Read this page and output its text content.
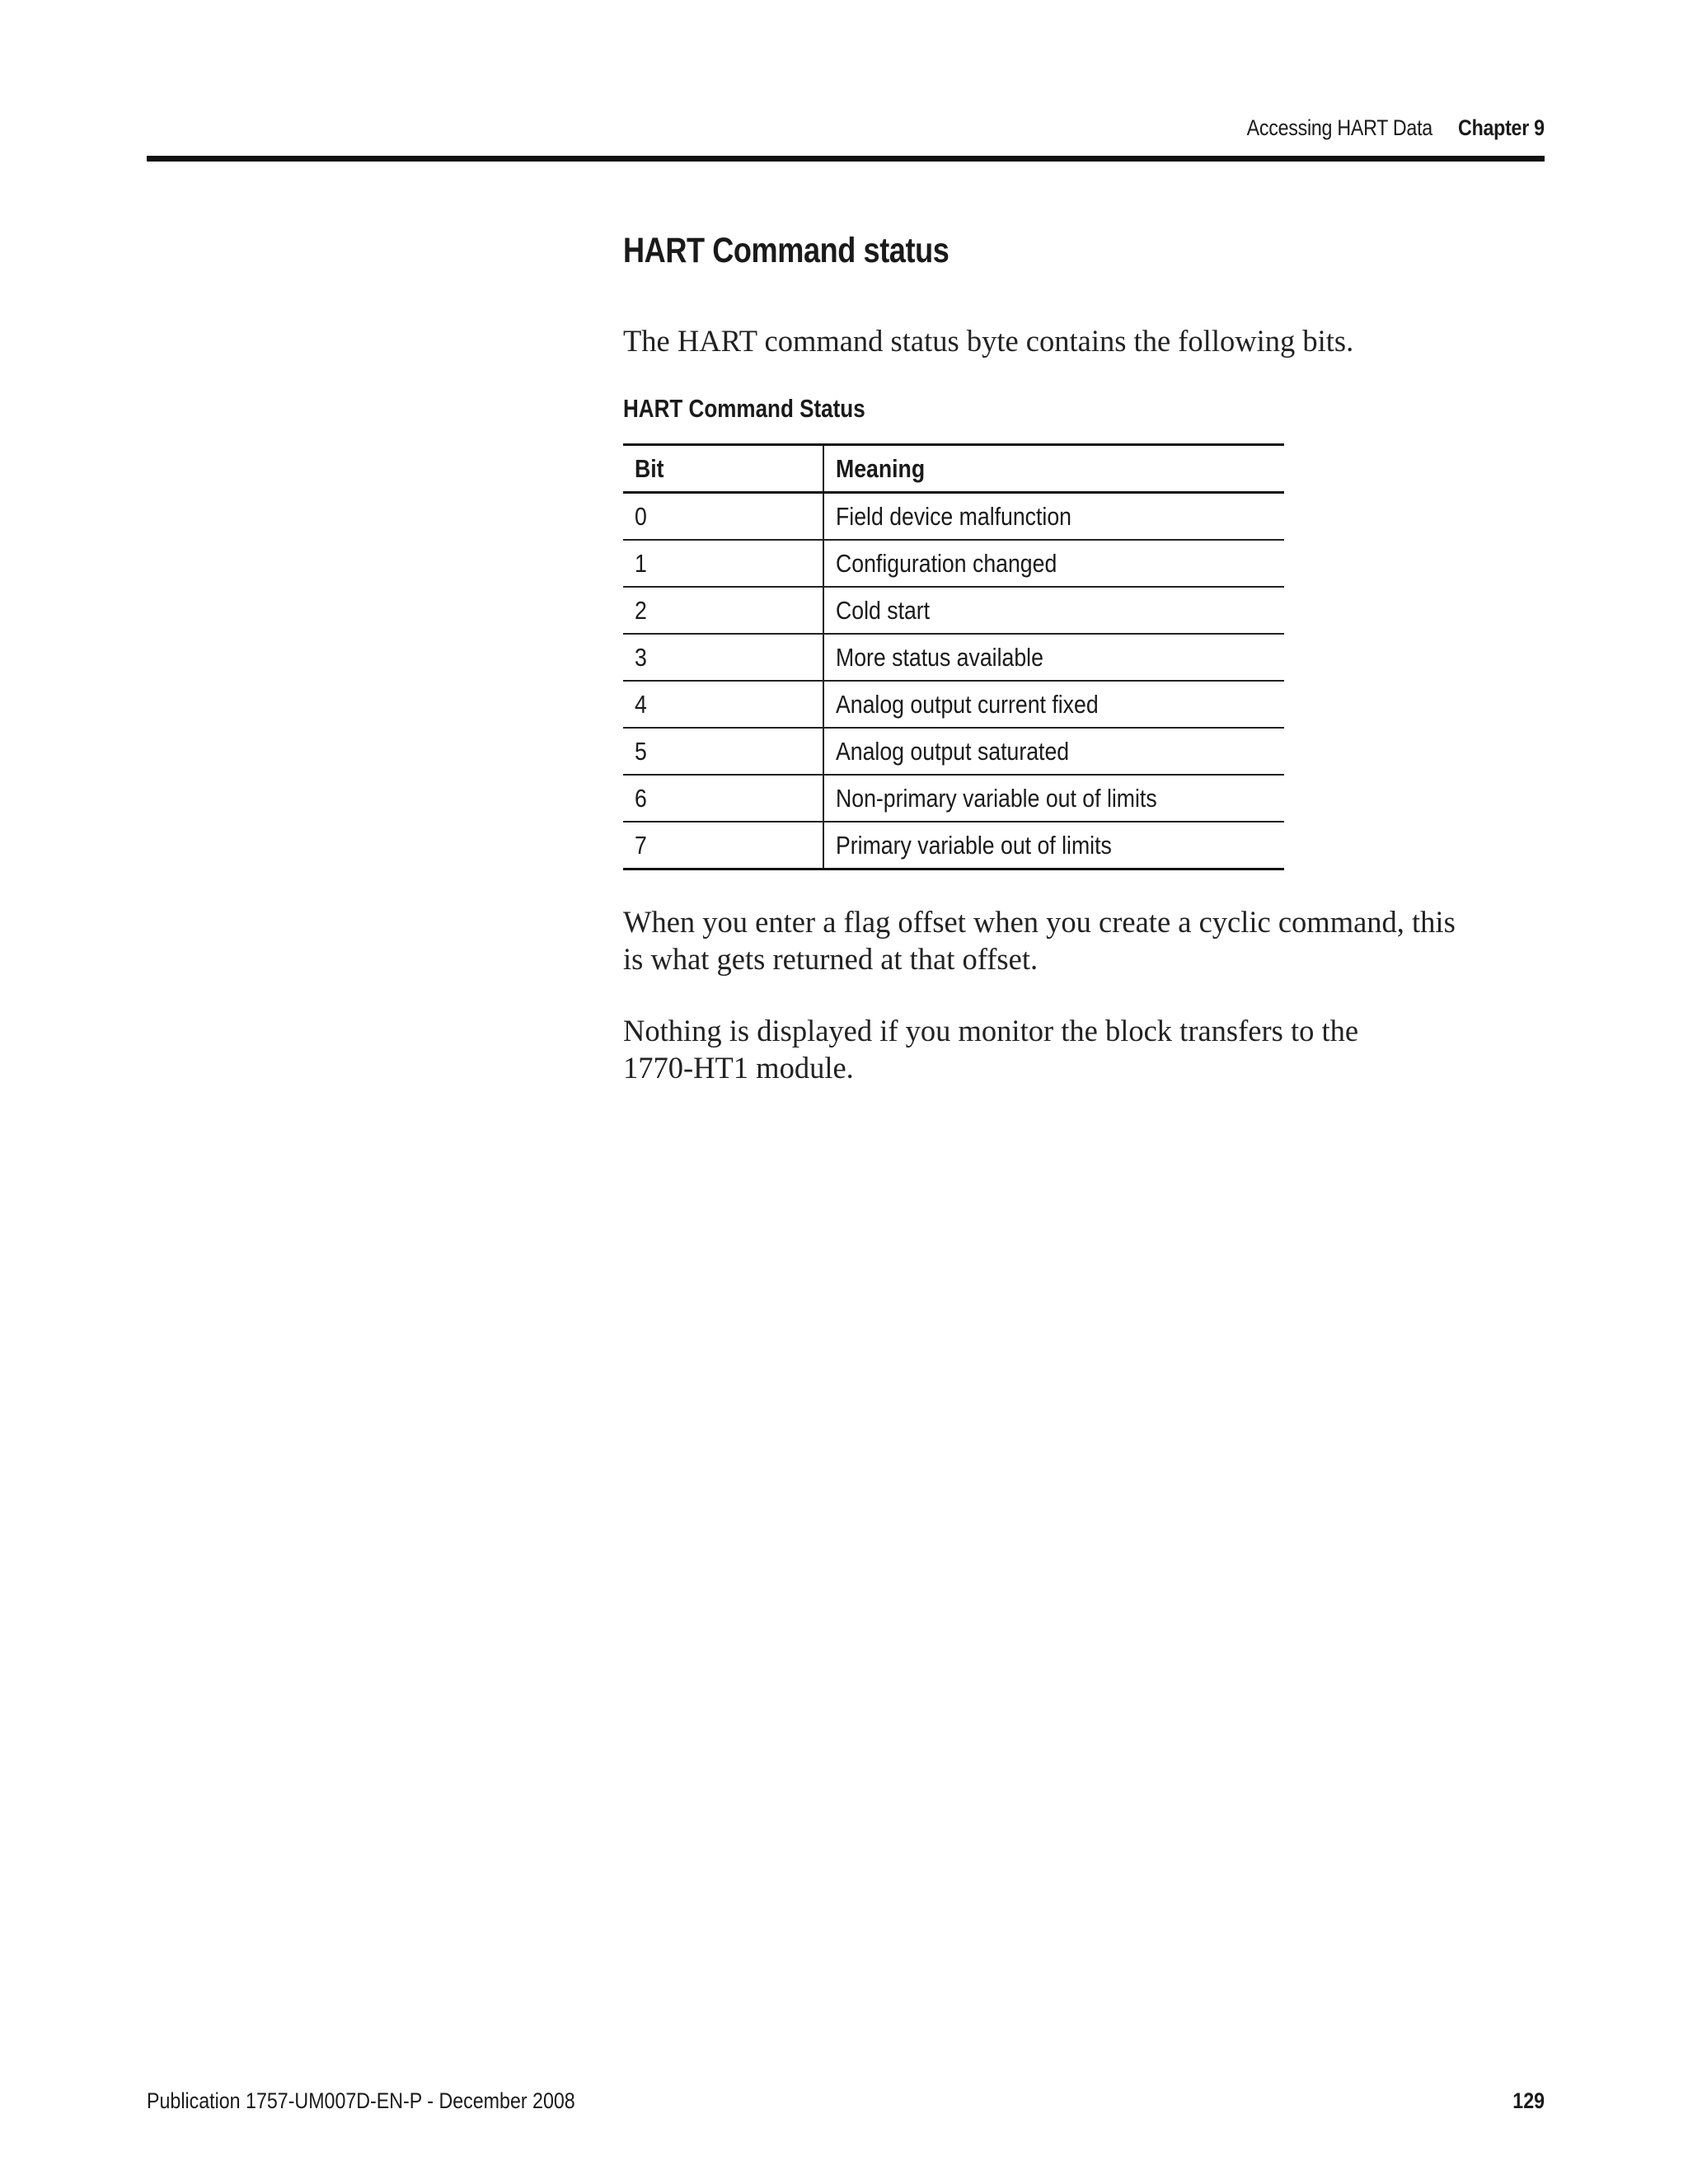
Accessing HART Data Chapter 9
HART Command status

The HART command status byte contains the following bits.

HART Command Status

Bit	Meaning
0	Field device malfunction
1	Configuration changed
2	Cold start
3	More status available
4	Analog output current fixed
5	Analog output saturated
6	Non-primary variable out of limits
7	Primary variable out of limits

When you enter a flag offset when you create a cyclic command, this
is what gets returned at that offset.

Nothing is displayed if you monitor the block transfers to the
1770-HT1 module.

Publication 1757-UM007D-EN-P - December 2008	129
